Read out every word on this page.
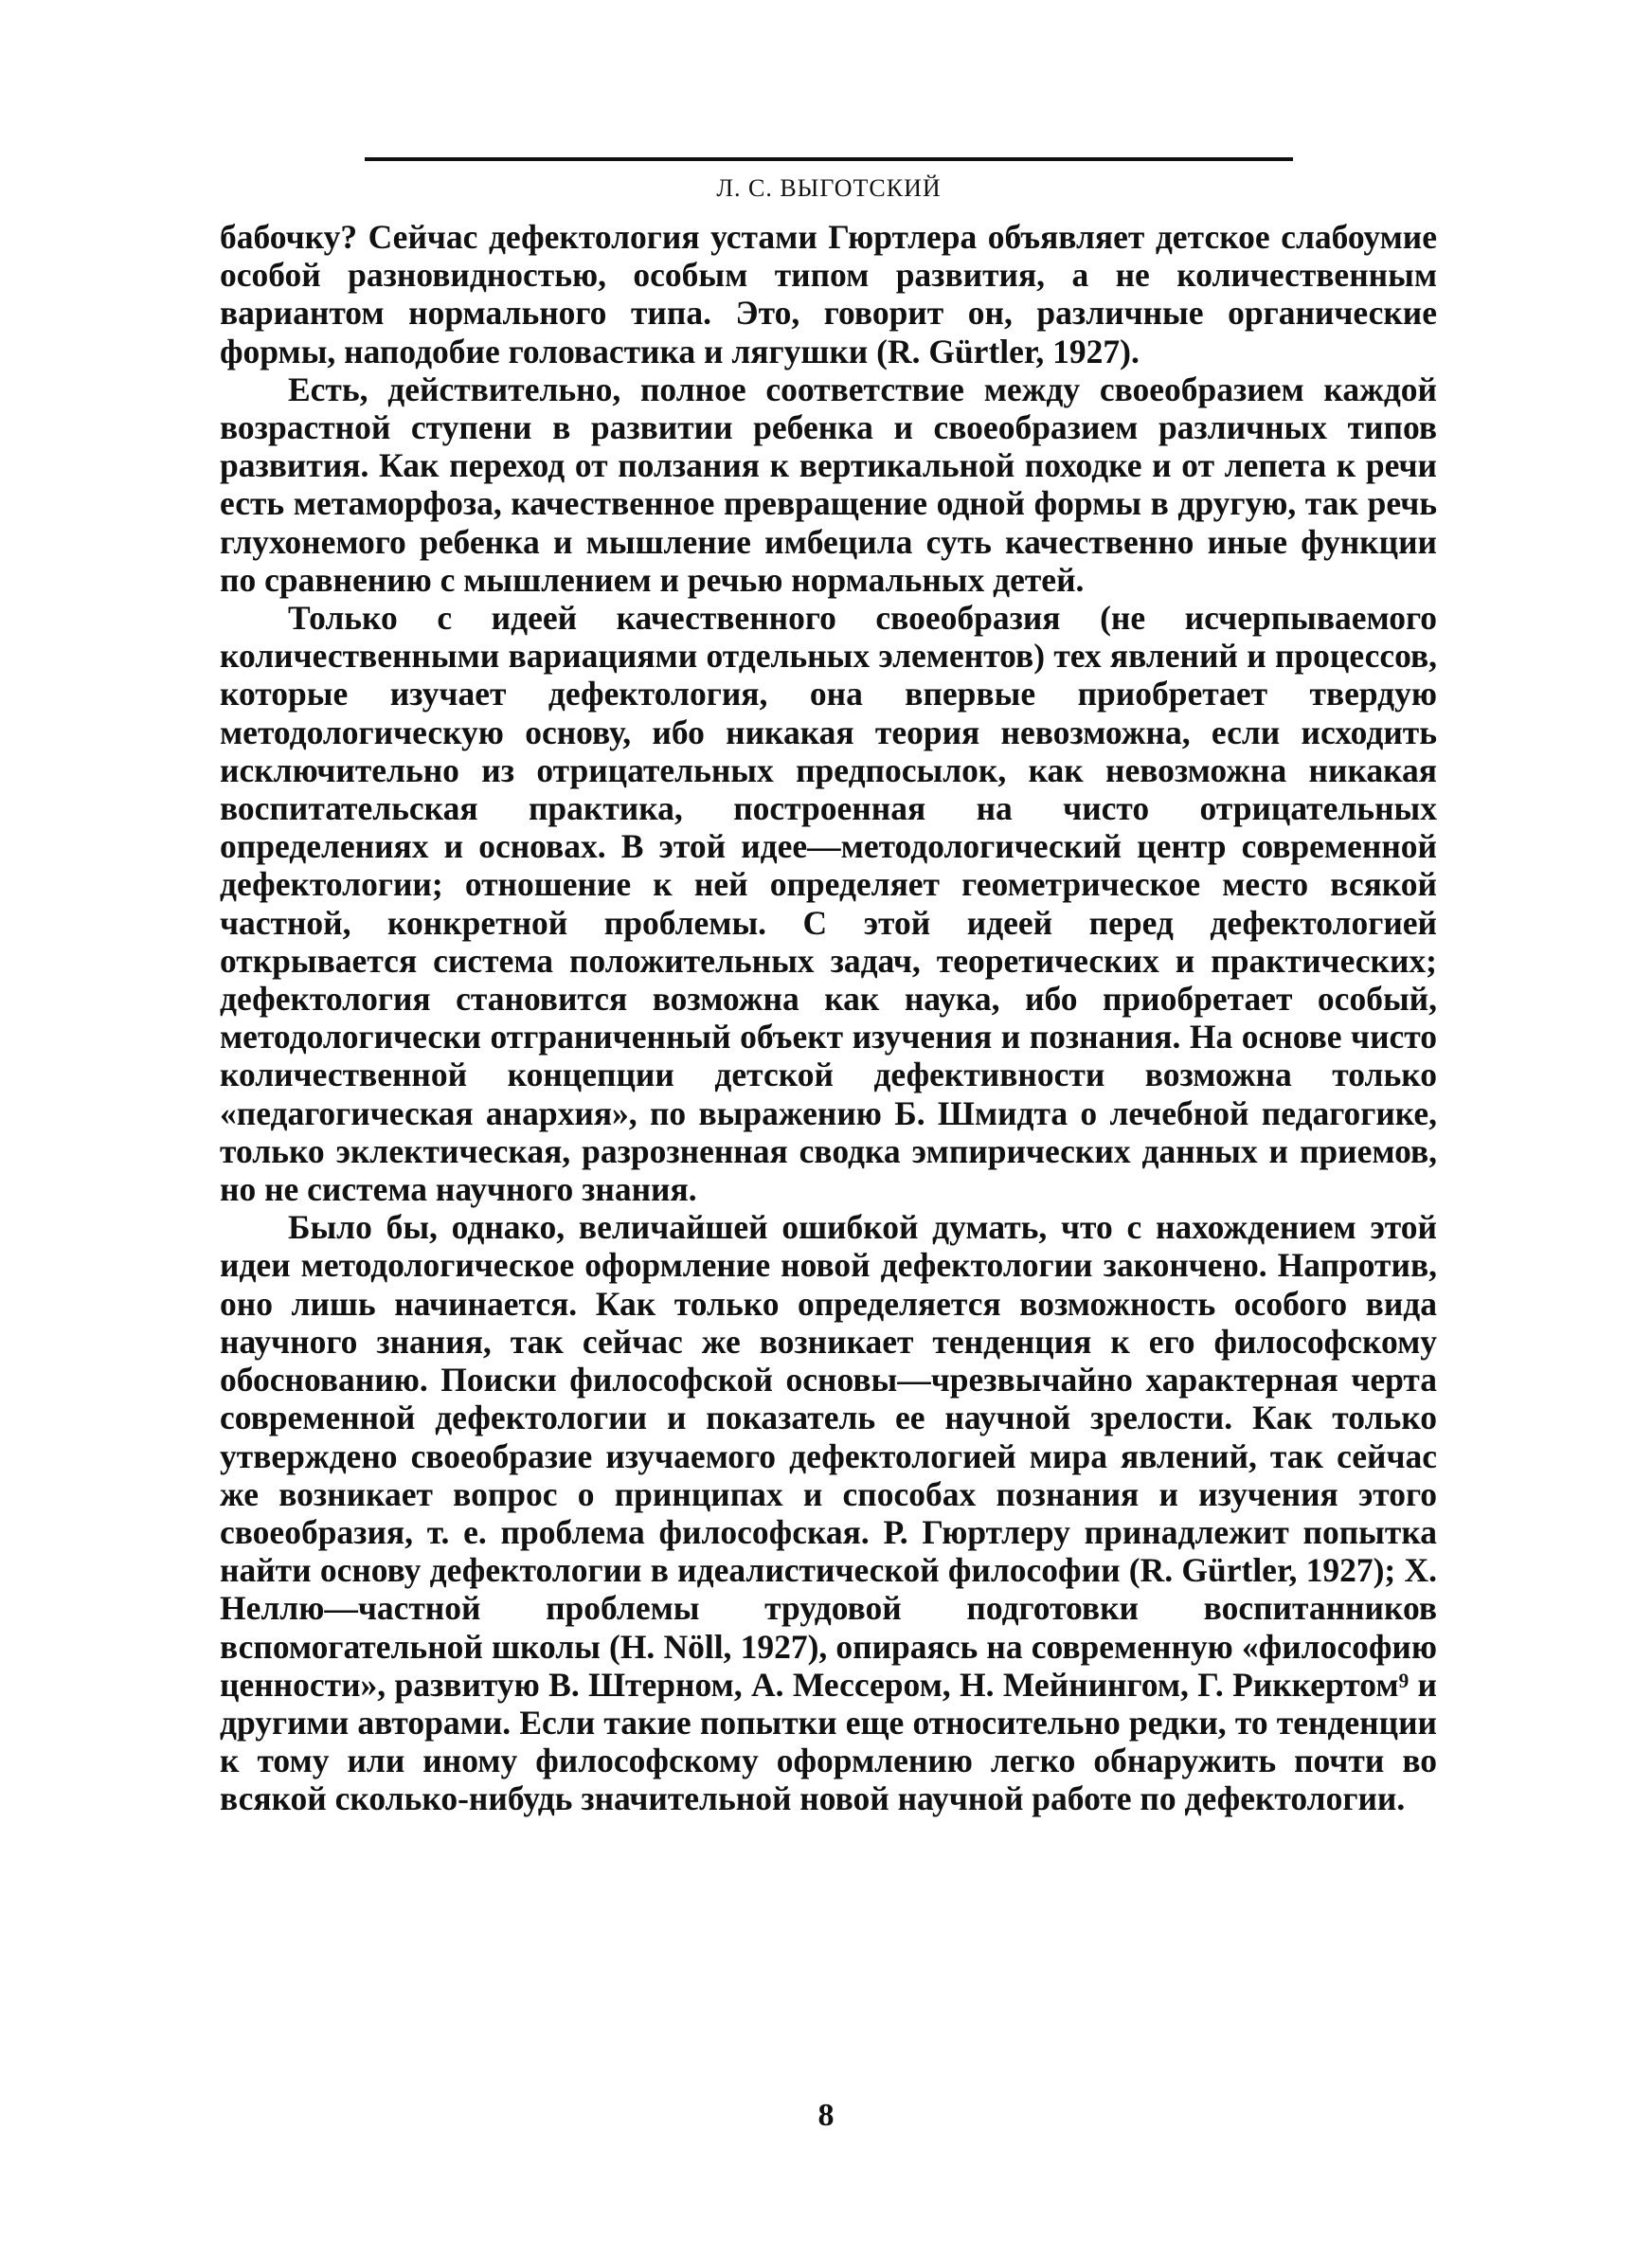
Л. С. ВЫГОТСКИЙ

бабочку? Сейчас дефектология устами Гюртлера объявляет детское слабоумие особой разновидностью, особым типом развития, а не количественным вариантом нормального типа. Это, говорит он, различные органические формы, наподобие головастика и лягушки (R. Gürtler, 1927).

Есть, действительно, полное соответствие между своеобразием каждой возрастной ступени в развитии ребенка и своеобразием различных типов развития. Как переход от ползания к вертикальной походке и от лепета к речи есть метаморфоза, качественное превращение одной формы в другую, так речь глухонемого ребенка и мышление имбецила суть качественно иные функции по сравнению с мышлением и речью нормальных детей.

Только с идеей качественного своеобразия (не исчерпываемого количественными вариациями отдельных элементов) тех явлений и процессов, которые изучает дефектология, она впервые приобретает твердую методологическую основу, ибо никакая теория невозможна, если исходить исключительно из отрицательных предпосылок, как невозможна никакая воспитательская практика, построенная на чисто отрицательных определениях и основах. В этой идее—методологический центр современной дефектологии; отношение к ней определяет геометрическое место всякой частной, конкретной проблемы. С этой идеей перед дефектологией открывается система положительных задач, теоретических и практических; дефектология становится возможна как наука, ибо приобретает особый, методологически отграниченный объект изучения и познания. На основе чисто количественной концепции детской дефективности возможна только «педагогическая анархия», по выражению Б. Шмидта о лечебной педагогике, только эклектическая, разрозненная сводка эмпирических данных и приемов, но не система научного знания.

Было бы, однако, величайшей ошибкой думать, что с нахождением этой идеи методологическое оформление новой дефектологии закончено. Напротив, оно лишь начинается. Как только определяется возможность особого вида научного знания, так сейчас же возникает тенденция к его философскому обоснованию. Поиски философской основы—чрезвычайно характерная черта современной дефектологии и показатель ее научной зрелости. Как только утверждено своеобразие изучаемого дефектологией мира явлений, так сейчас же возникает вопрос о принципах и способах познания и изучения этого своеобразия, т. е. проблема философская. Р. Гюртлеру принадлежит попытка найти основу дефектологии в идеалистической философии (R. Gürtler, 1927); Х. Неллю—частной проблемы трудовой подготовки воспитанников вспомогательной школы (H. Nöll, 1927), опираясь на современную «философию ценности», развитую В. Штерном, А. Мессером, Н. Мейнингом, Г. Риккертом⁹ и другими авторами. Если такие попытки еще относительно редки, то тенденции к тому или иному философскому оформлению легко обнаружить почти во всякой сколько-нибудь значительной новой научной работе по дефектологии.

8
